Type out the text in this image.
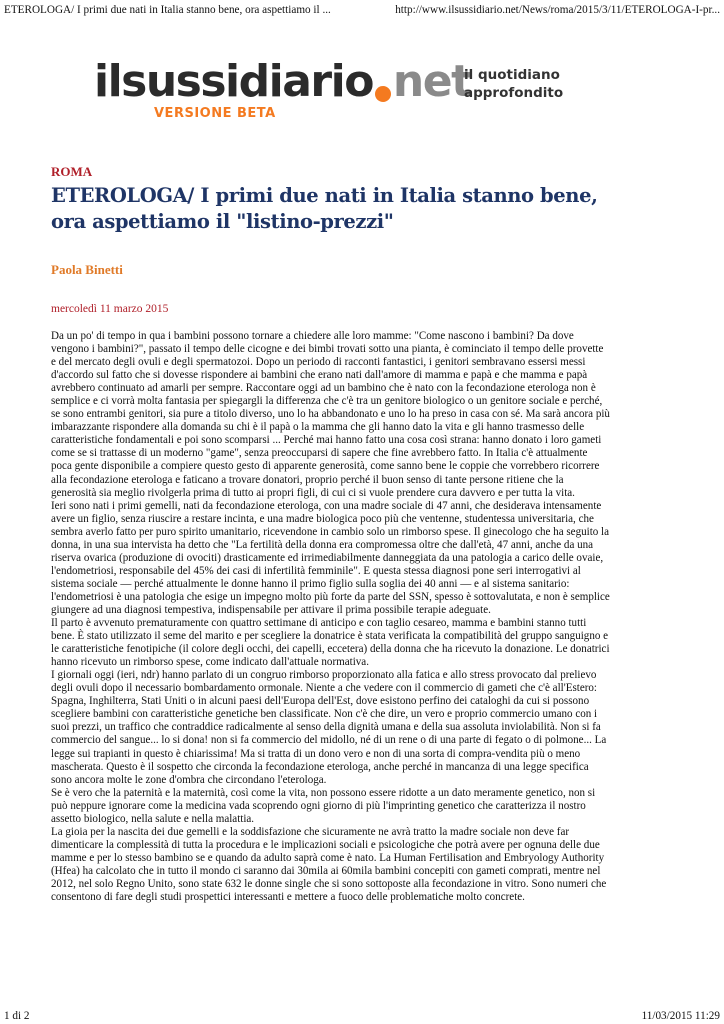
ETEROLOGA/ I primi due nati in Italia stanno bene, ora aspettiamo il ...	http://www.ilsussidiario.net/News/roma/2015/3/11/ETEROLOGA-I-pr...
ilsussidiario net
VERSIONE BETA
il quotidiano
approfondito
ROMA
ETEROLOGA/ I primi due nati in Italia stanno bene, ora aspettiamo il "listino-prezzi"
Paola Binetti
mercoledì 11 marzo 2015

Da un po' di tempo in qua i bambini possono tornare a chiedere alle loro mamme: "Come nascono i bambini? Da dove vengono i bambini?", passato il tempo delle cicogne e dei bimbi trovati sotto una pianta, è cominciato il tempo delle provette e del mercato degli ovuli e degli spermatozoi. Dopo un periodo di racconti fantastici, i genitori sembravano essersi messi d'accordo sul fatto che si dovesse rispondere ai bambini che erano nati dall'amore di mamma e papà e che mamma e papà avrebbero continuato ad amarli per sempre. Raccontare oggi ad un bambino che è nato con la fecondazione eterologa non è semplice e ci vorrà molta fantasia per spiegargli la differenza che c'è tra un genitore biologico o un genitore sociale e perché, se sono entrambi genitori, sia pure a titolo diverso, uno lo ha abbandonato e uno lo ha preso in casa con sé. Ma sarà ancora più imbarazzante rispondere alla domanda su chi è il papà o la mamma che gli hanno dato la vita e gli hanno trasmesso delle caratteristiche fondamentali e poi sono scomparsi ... Perché mai hanno fatto una cosa così strana: hanno donato i loro gameti come se si trattasse di un moderno "game", senza preoccuparsi di sapere che fine avrebbero fatto. In Italia c'è attualmente poca gente disponibile a compiere questo gesto di apparente generosità, come sanno bene le coppie che vorrebbero ricorrere alla fecondazione eterologa e faticano a trovare donatori, proprio perché il buon senso di tante persone ritiene che la generosità sia meglio rivolgerla prima di tutto ai propri figli, di cui ci si vuole prendere cura davvero e per tutta la vita.

Ieri sono nati i primi gemelli, nati da fecondazione eterologa, con una madre sociale di 47 anni, che desiderava intensamente avere un figlio, senza riuscire a restare incinta, e una madre biologica poco più che ventenne, studentessa universitaria, che sembra averlo fatto per puro spirito umanitario, ricevendone in cambio solo un rimborso spese. Il ginecologo che ha seguito la donna, in una sua intervista ha detto che "La fertilità della donna era compromessa oltre che dall'età, 47 anni, anche da una riserva ovarica (produzione di ovociti) drasticamente ed irrimediabilmente danneggiata da una patologia a carico delle ovaie, l'endometriosi, responsabile del 45% dei casi di infertilità femminile". E questa stessa diagnosi pone seri interrogativi al sistema sociale — perché attualmente le donne hanno il primo figlio sulla soglia dei 40 anni — e al sistema sanitario: l'endometriosi è una patologia che esige un impegno molto più forte da parte del SSN, spesso è sottovalutata, e non è semplice giungere ad una diagnosi tempestiva, indispensabile per attivare il prima possibile terapie adeguate.

Il parto è avvenuto prematuramente con quattro settimane di anticipo e con taglio cesareo, mamma e bambini stanno tutti bene. È stato utilizzato il seme del marito e per scegliere la donatrice è stata verificata la compatibilità del gruppo sanguigno e le caratteristiche fenotipiche (il colore degli occhi, dei capelli, eccetera) della donna che ha ricevuto la donazione. Le donatrici hanno ricevuto un rimborso spese, come indicato dall'attuale normativa.

I giornali oggi (ieri, ndr) hanno parlato di un congruo rimborso proporzionato alla fatica e allo stress provocato dal prelievo degli ovuli dopo il necessario bombardamento ormonale. Niente a che vedere con il commercio di gameti che c'è all'Estero: Spagna, Inghilterra, Stati Uniti o in alcuni paesi dell'Europa dell'Est, dove esistono perfino dei cataloghi da cui si possono scegliere bambini con caratteristiche genetiche ben classificate. Non c'è che dire, un vero e proprio commercio umano con i suoi prezzi, un traffico che contraddice radicalmente al senso della dignità umana e della sua assoluta inviolabilità. Non si fa commercio del sangue... lo si dona! non si fa commercio del midollo, né di un rene o di una parte di fegato o di polmone... La legge sui trapianti in questo è chiarissima! Ma si tratta di un dono vero e non di una sorta di compra-vendita più o meno mascherata. Questo è il sospetto che circonda la fecondazione eterologa, anche perché in mancanza di una legge specifica sono ancora molte le zone d'ombra che circondano l'eterologa.

Se è vero che la paternità e la maternità, così come la vita, non possono essere ridotte a un dato meramente genetico, non si può neppure ignorare come la medicina vada scoprendo ogni giorno di più l'imprinting genetico che caratterizza il nostro assetto biologico, nella salute e nella malattia.

La gioia per la nascita dei due gemelli e la soddisfazione che sicuramente ne avrà tratto la madre sociale non deve far dimenticare la complessità di tutta la procedura e le implicazioni sociali e psicologiche che potrà avere per ognuna delle due mamme e per lo stesso bambino se e quando da adulto saprà come è nato. La Human Fertilisation and Embryology Authority (Hfea) ha calcolato che in tutto il mondo ci saranno dai 30mila ai 60mila bambini concepiti con gameti comprati, mentre nel 2012, nel solo Regno Unito, sono state 632 le donne single che si sono sottoposte alla fecondazione in vitro. Sono numeri che consentono di fare degli studi prospettici interessanti e mettere a fuoco delle problematiche molto concrete.

1 di 2	11/03/2015 11:29
